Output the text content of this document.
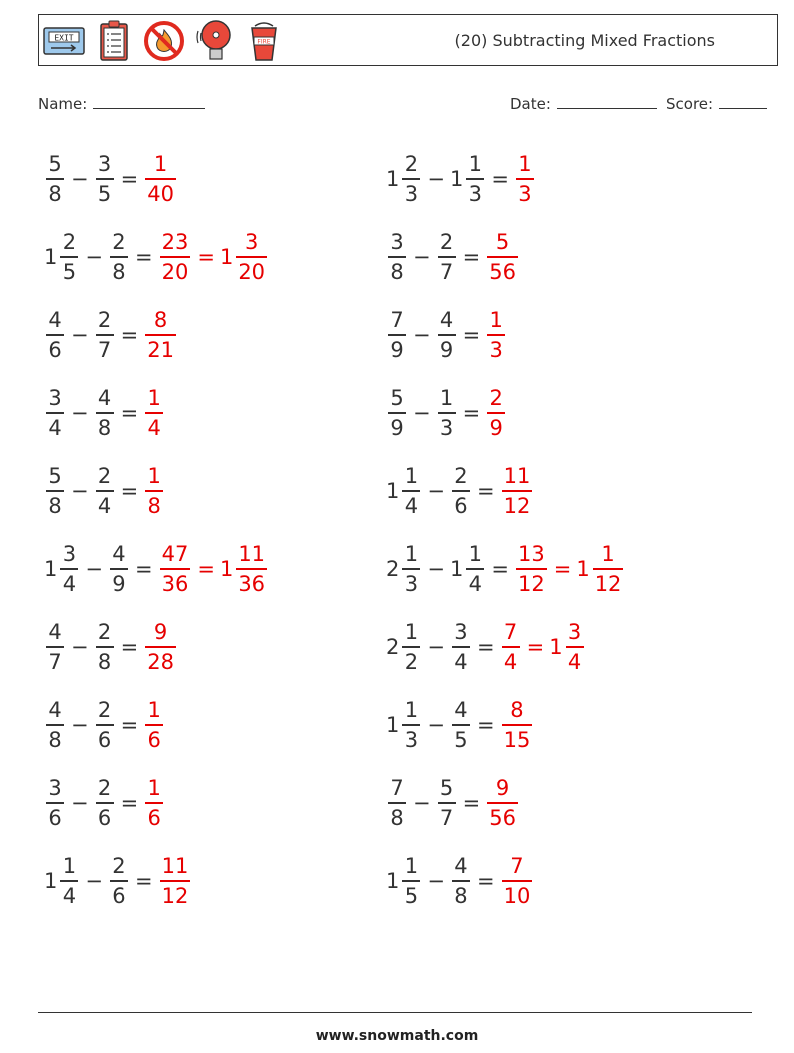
EXIT	FIRE	(20) Subtracting Mixed Fractions
Name:	Date:	Score:
$\frac{5}{8} - \frac{3}{5} = \frac{1}{40}$	$1 \frac{2}{3} - 1 \frac{1}{3} = \frac{1}{3}$
$1 \frac{2}{5} - \frac{2}{8} = \frac{23}{20} = 1 \frac{3}{20}$	$\frac{3}{8} - \frac{2}{7} = \frac{5}{56}$
$\frac{4}{6} - \frac{2}{7} = \frac{8}{21}$	$\frac{7}{9} - \frac{4}{9} = \frac{1}{3}$
$\frac{3}{4} - \frac{4}{8} = \frac{1}{4}$	$\frac{5}{9} - \frac{1}{3} = \frac{2}{9}$
$\frac{5}{8} - \frac{2}{4} = \frac{1}{8}$	$1 \frac{1}{4} - \frac{2}{6} = \frac{11}{12}$
$1 \frac{3}{4} - \frac{4}{9} = \frac{47}{36} = 1 \frac{11}{36}$	$2 \frac{1}{3} - 1 \frac{1}{4} = \frac{13}{12} = 1 \frac{1}{12}$
$\frac{4}{7} - \frac{2}{8} = \frac{9}{28}$	$2 \frac{1}{2} - \frac{3}{4} = \frac{7}{4} = 1 \frac{3}{4}$
$\frac{4}{8} - \frac{2}{6} = \frac{1}{6}$	$1 \frac{1}{3} - \frac{4}{5} = \frac{8}{15}$
$\frac{3}{6} - \frac{2}{6} = \frac{1}{6}$	$\frac{7}{8} - \frac{5}{7} = \frac{9}{56}$
$1 \frac{1}{4} - \frac{2}{6} = \frac{11}{12}$	$1 \frac{1}{5} - \frac{4}{8} = \frac{7}{10}$
www.snowmath.com
